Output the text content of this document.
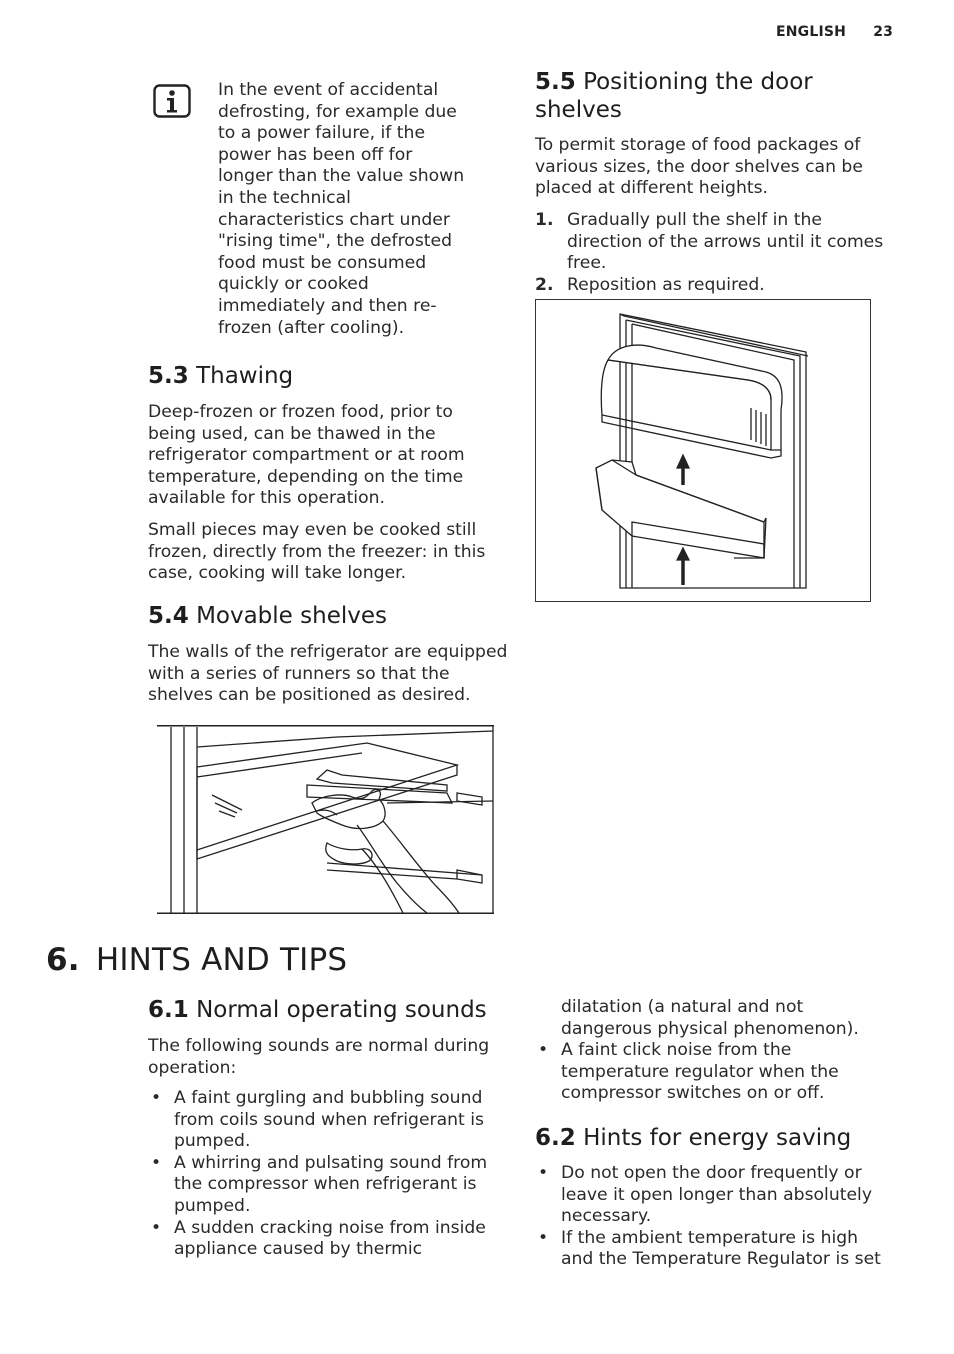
ENGLISH 23

In the event of accidental defrosting, for example due to a power failure, if the power has been off for longer than the value shown in the technical characteristics chart under "rising time", the defrosted food must be consumed quickly or cooked immediately and then re-frozen (after cooling).

5.3 Thawing

Deep-frozen or frozen food, prior to being used, can be thawed in the refrigerator compartment or at room temperature, depending on the time available for this operation.

Small pieces may even be cooked still frozen, directly from the freezer: in this case, cooking will take longer.

5.4 Movable shelves

The walls of the refrigerator are equipped with a series of runners so that the shelves can be positioned as desired.

5.5 Positioning the door shelves

To permit storage of food packages of various sizes, the door shelves can be placed at different heights.

1. Gradually pull the shelf in the direction of the arrows until it comes free.
2. Reposition as required.
6. HINTS AND TIPS
6.1 Normal operating sounds

The following sounds are normal during operation:

• A faint gurgling and bubbling sound from coils sound when refrigerant is pumped.
• A whirring and pulsating sound from the compressor when refrigerant is pumped.
• A sudden cracking noise from inside appliance caused by thermic

dilatation (a natural and not dangerous physical phenomenon).

• A faint click noise from the temperature regulator when the compressor switches on or off.
6.2 Hints for energy saving
• Do not open the door frequently or leave it open longer than absolutely necessary.
• If the ambient temperature is high and the Temperature Regulator is set
